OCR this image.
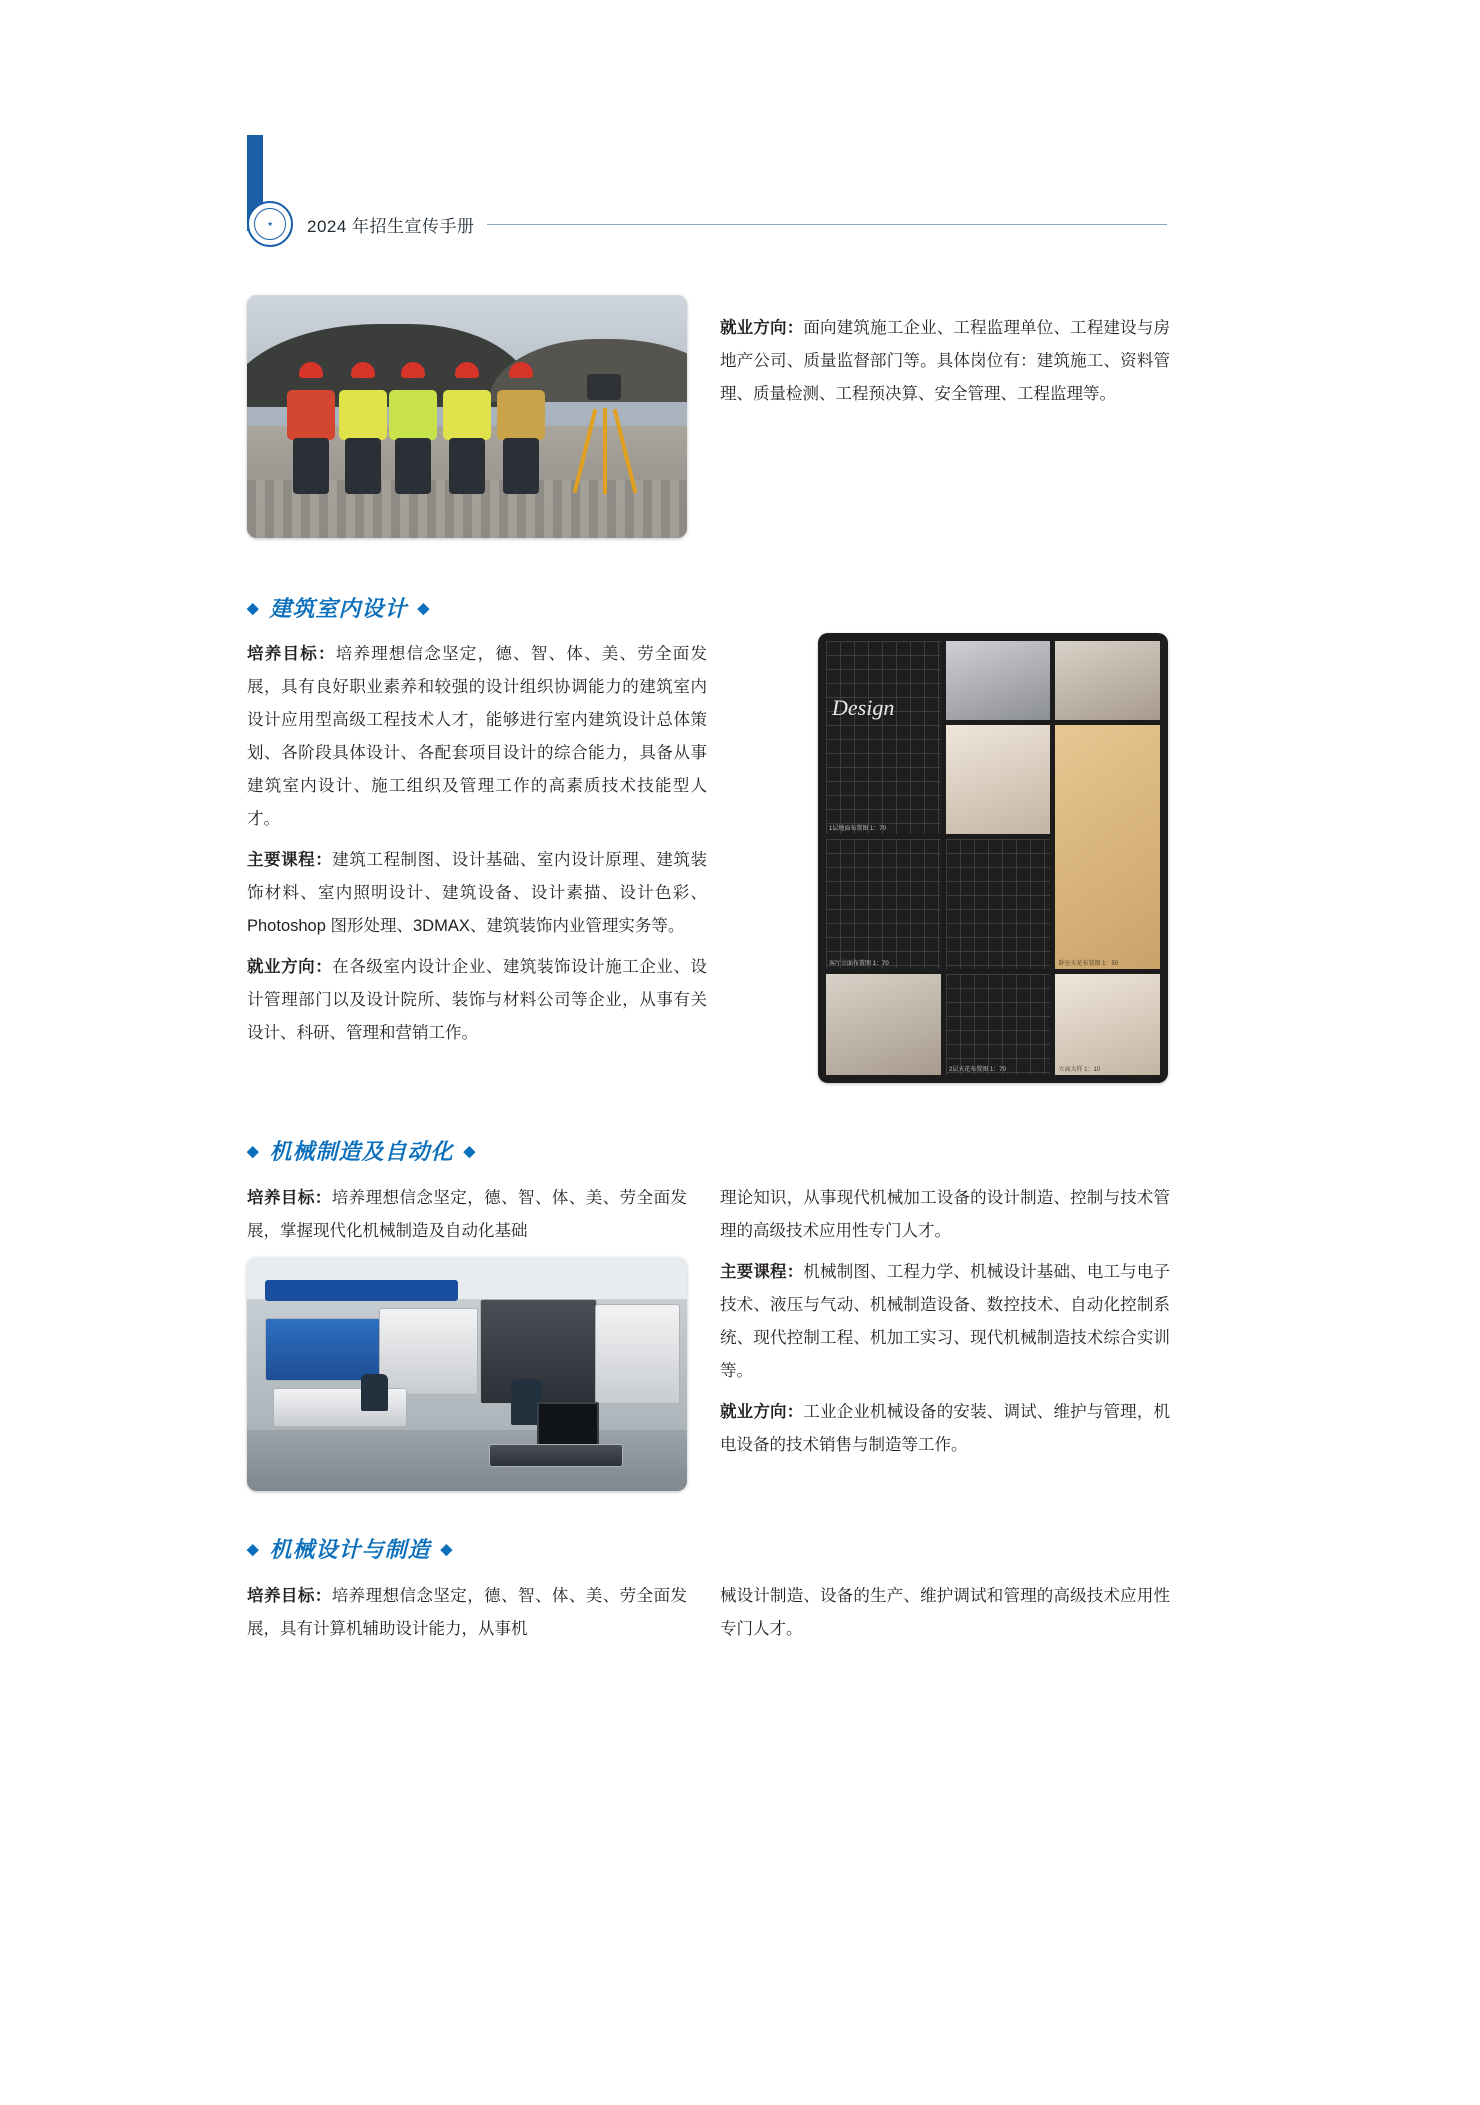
★ 2024 年招生宣传手册

就业方向：面向建筑施工企业、工程监理单位、工程建设与房地产公司、质量监督部门等。具体岗位有：建筑施工、资料管理、质量检测、工程预决算、安全管理、工程监理等。

◆ 建筑室内设计 ◆

培养目标：培养理想信念坚定，德、智、体、美、劳全面发展，具有良好职业素养和较强的设计组织协调能力的建筑室内设计应用型高级工程技术人才，能够进行室内建筑设计总体策划、各阶段具体设计、各配套项目设计的综合能力，具备从事建筑室内设计、施工组织及管理工作的高素质技术技能型人才。

主要课程：建筑工程制图、设计基础、室内设计原理、建筑装饰材料、室内照明设计、建筑设备、设计素描、设计色彩、Photoshop 图形处理、3DMAX、建筑装饰内业管理实务等。

就业方向：在各级室内设计企业、建筑装饰设计施工企业、设计管理部门以及设计院所、装饰与材料公司等企业，从事有关设计、科研、管理和营销工作。

Design
1层地面布置图 1：70
卧室天花布置图 1：50
客厅立面布置图 1：70
2层天花布置图 1：70	立面大样 1：10
◆ 机械制造及自动化 ◆

培养目标：培养理想信念坚定，德、智、体、美、劳全面发展，掌握现代化机械制造及自动化基础

理论知识，从事现代机械加工设备的设计制造、控制与技术管理的高级技术应用性专门人才。

主要课程：机械制图、工程力学、机械设计基础、电工与电子技术、液压与气动、机械制造设备、数控技术、自动化控制系统、现代控制工程、机加工实习、现代机械制造技术综合实训等。

就业方向：工业企业机械设备的安装、调试、维护与管理，机电设备的技术销售与制造等工作。

◆ 机械设计与制造 ◆

培养目标：培养理想信念坚定，德、智、体、美、劳全面发展，具有计算机辅助设计能力，从事机

械设计制造、设备的生产、维护调试和管理的高级技术应用性专门人才。
